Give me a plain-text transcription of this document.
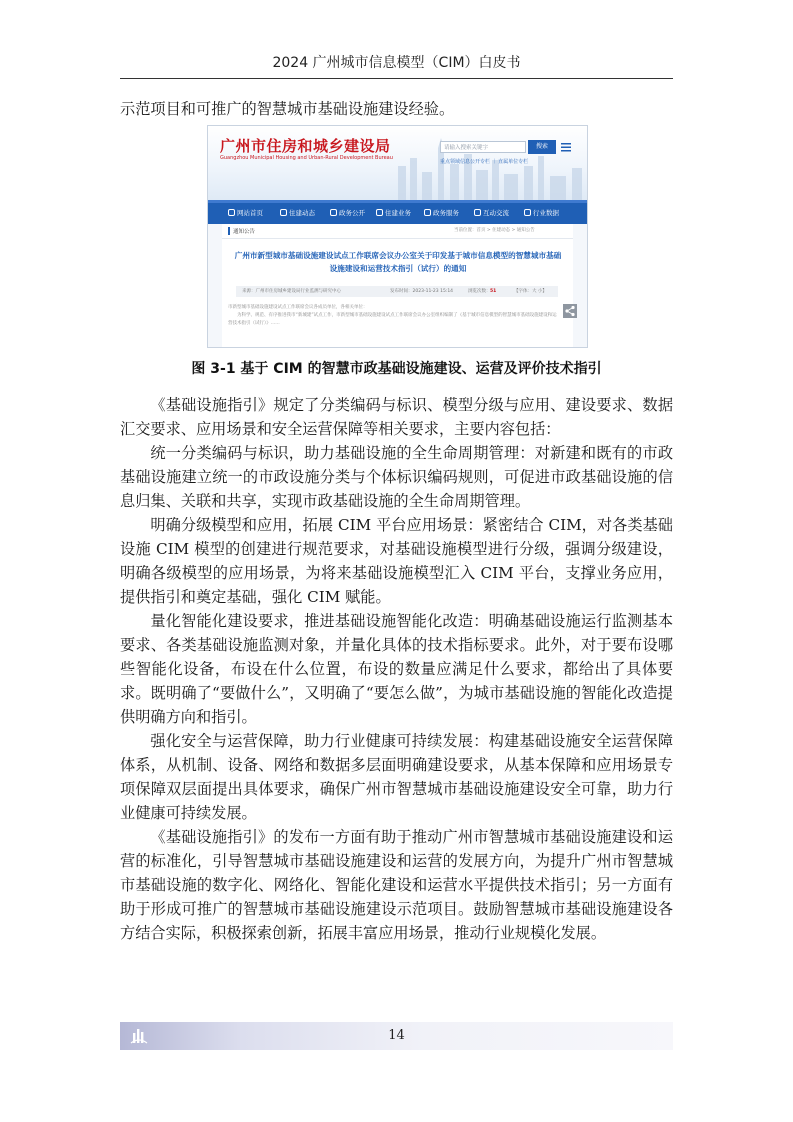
2024 广州城市信息模型（CIM）白皮书

示范项目和可推广的智慧城市基础设施建设经验。

广州市住房和城乡建设局
Guangzhou Municipal Housing and Urban-Rural Development Bureau
请输入搜索关键字	搜索
重点领域信息公开专栏 ｜ 直属单位专栏
网站首页	住建动态	政务公开	住建业务	政务服务	互动交流	行业数据
通知公告	当前位置：首页 > 住建动态 > 通知公告
广州市新型城市基础设施建设试点工作联席会议办公室关于印发基于城市信息模型的智慧城市基础设施建设和运营技术指引（试行）的通知
来源：广州市住房城乡建设局行业监测与研究中心	发布时间：2023-11-23 15:14	浏览次数： 51	【字体：大 小】
市新型城市基础设施建设试点工作联席会议各成员单位，各相关单位：
为科学、规范、有序推进我市“新城建”试点工作，市新型城市基础设施建设试点工作联席会议办公室组织编制了《基于城市信息模型的智慧城市基础设施建设和运营技术指引（试行）》……
图 3-1 基于 CIM 的智慧市政基础设施建设、运营及评价技术指引

《基础设施指引》规定了分类编码与标识、模型分级与应用、建设要求、数据汇交要求、应用场景和安全运营保障等相关要求，主要内容包括：

统一分类编码与标识，助力基础设施的全生命周期管理：对新建和既有的市政基础设施建立统一的市政设施分类与个体标识编码规则，可促进市政基础设施的信息归集、关联和共享，实现市政基础设施的全生命周期管理。

明确分级模型和应用，拓展 CIM 平台应用场景：紧密结合 CIM，对各类基础设施 CIM 模型的创建进行规范要求，对基础设施模型进行分级，强调分级建设，明确各级模型的应用场景，为将来基础设施模型汇入 CIM 平台，支撑业务应用，提供指引和奠定基础，强化 CIM 赋能。

量化智能化建设要求，推进基础设施智能化改造：明确基础设施运行监测基本要求、各类基础设施监测对象，并量化具体的技术指标要求。此外，对于要布设哪些智能化设备，布设在什么位置，布设的数量应满足什么要求，都给出了具体要求。既明确了“要做什么”，又明确了“要怎么做”，为城市基础设施的智能化改造提供明确方向和指引。

强化安全与运营保障，助力行业健康可持续发展：构建基础设施安全运营保障体系，从机制、设备、网络和数据多层面明确建设要求，从基本保障和应用场景专项保障双层面提出具体要求，确保广州市智慧城市基础设施建设安全可靠，助力行业健康可持续发展。

《基础设施指引》的发布一方面有助于推动广州市智慧城市基础设施建设和运营的标准化，引导智慧城市基础设施建设和运营的发展方向，为提升广州市智慧城市基础设施的数字化、网络化、智能化建设和运营水平提供技术指引；另一方面有助于形成可推广的智慧城市基础设施建设示范项目。鼓励智慧城市基础设施建设各方结合实际，积极探索创新，拓展丰富应用场景，推动行业规模化发展。

14
